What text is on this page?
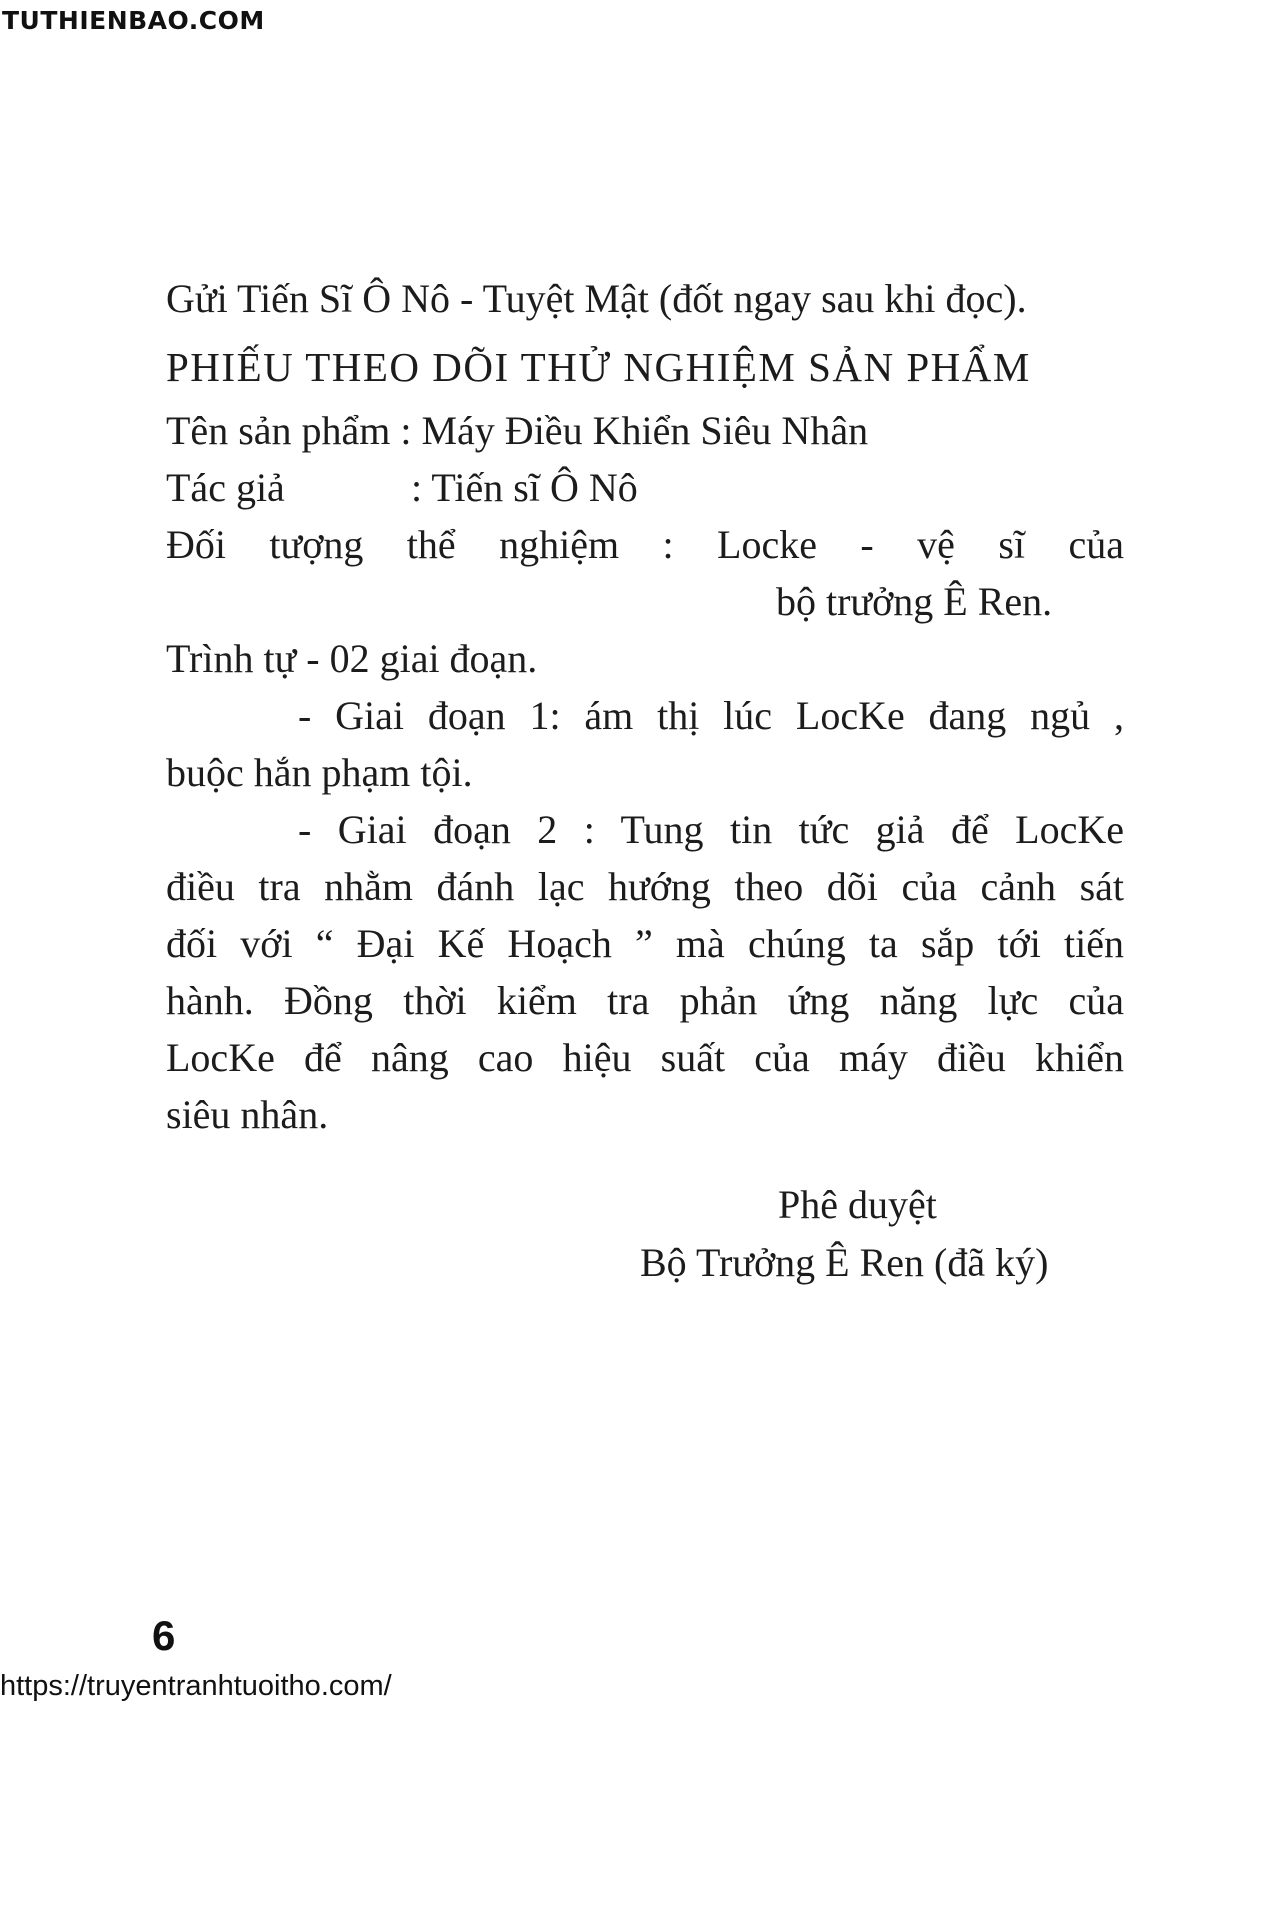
TUTHIENBAO.COM
Gửi Tiến Sĩ Ô Nô - Tuyệt Mật (đốt ngay sau khi đọc).
PHIẾU THEO DÕI THỬ NGHIỆM SẢN PHẨM
Tên sản phẩm : Máy Điều Khiển Siêu Nhân
Tác giả	: Tiến sĩ Ô Nô
Đối tượng thể nghiệm : Locke - vệ sĩ của
bộ trưởng Ê Ren.
Trình tự - 02 giai đoạn.
- Giai đoạn 1: ám thị lúc LocKe đang ngủ ,
buộc hắn phạm tội.
- Giai đoạn 2 : Tung tin tức giả để LocKe
điều tra nhằm đánh lạc hướng theo dõi của cảnh sát
đối với “ Đại Kế Hoạch ” mà chúng ta sắp tới tiến
hành. Đồng thời kiểm tra phản ứng năng lực của
LocKe để nâng cao hiệu suất của máy điều khiển
siêu nhân.
Phê duyệt
Bộ Trưởng Ê Ren (đã ký)
6
https://truyentranhtuoitho.com/
